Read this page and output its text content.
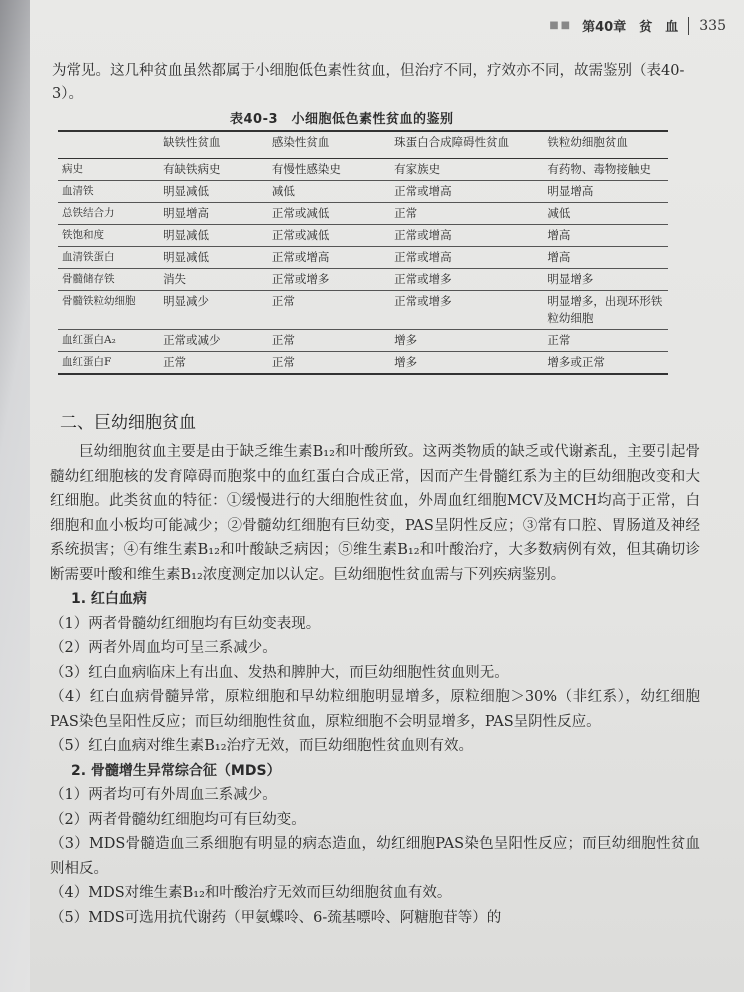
■■ 第40章　 贫　血 335

为常见。这几种贫血虽然都属于小细胞低色素性贫血，但治疗不同，疗效亦不同，故需鉴别（表40-3）。

表40-3　小细胞低色素性贫血的鉴别
	缺铁性贫血	感染性贫血	珠蛋白合成障碍性贫血	铁粒幼细胞贫血
病史	有缺铁病史	有慢性感染史	有家族史	有药物、毒物接触史
血清铁	明显减低	减低	正常或增高	明显增高
总铁结合力	明显增高	正常或减低	正常	减低
铁饱和度	明显减低	正常或减低	正常或增高	增高
血清铁蛋白	明显减低	正常或增高	正常或增高	增高
骨髓储存铁	消失	正常或增多	正常或增多	明显增多
骨髓铁粒幼细胞	明显减少	正常	正常或增多	明显增多，出现环形铁粒幼细胞
血红蛋白A₂	正常或减少	正常	增多	正常
血红蛋白F	正常	正常	增多	增多或正常
二、巨幼细胞贫血

巨幼细胞贫血主要是由于缺乏维生素B₁₂和叶酸所致。这两类物质的缺乏或代谢紊乱，主要引起骨髓幼红细胞核的发育障碍而胞浆中的血红蛋白合成正常，因而产生骨髓红系为主的巨幼细胞改变和大红细胞。此类贫血的特征：①缓慢进行的大细胞性贫血，外周血红细胞MCV及MCH均高于正常，白细胞和血小板均可能减少；②骨髓幼红细胞有巨幼变，PAS呈阴性反应；③常有口腔、胃肠道及神经系统损害；④有维生素B₁₂和叶酸缺乏病因；⑤维生素B₁₂和叶酸治疗，大多数病例有效，但其确切诊断需要叶酸和维生素B₁₂浓度测定加以认定。巨幼细胞性贫血需与下列疾病鉴别。

1. 红白血病

（1）两者骨髓幼红细胞均有巨幼变表现。

（2）两者外周血均可呈三系减少。

（3）红白血病临床上有出血、发热和脾肿大，而巨幼细胞性贫血则无。

（4）红白血病骨髓异常，原粒细胞和早幼粒细胞明显增多，原粒细胞＞30%（非红系），幼红细胞PAS染色呈阳性反应；而巨幼细胞性贫血，原粒细胞不会明显增多，PAS呈阴性反应。

（5）红白血病对维生素B₁₂治疗无效，而巨幼细胞性贫血则有效。

2. 骨髓增生异常综合征（MDS）

（1）两者均可有外周血三系减少。

（2）两者骨髓幼红细胞均可有巨幼变。

（3）MDS骨髓造血三系细胞有明显的病态造血，幼红细胞PAS染色呈阳性反应；而巨幼细胞性贫血则相反。

（4）MDS对维生素B₁₂和叶酸治疗无效而巨幼细胞贫血有效。

（5）MDS可选用抗代谢药（甲氨蝶呤、6-巯基嘌呤、阿糖胞苷等）的
